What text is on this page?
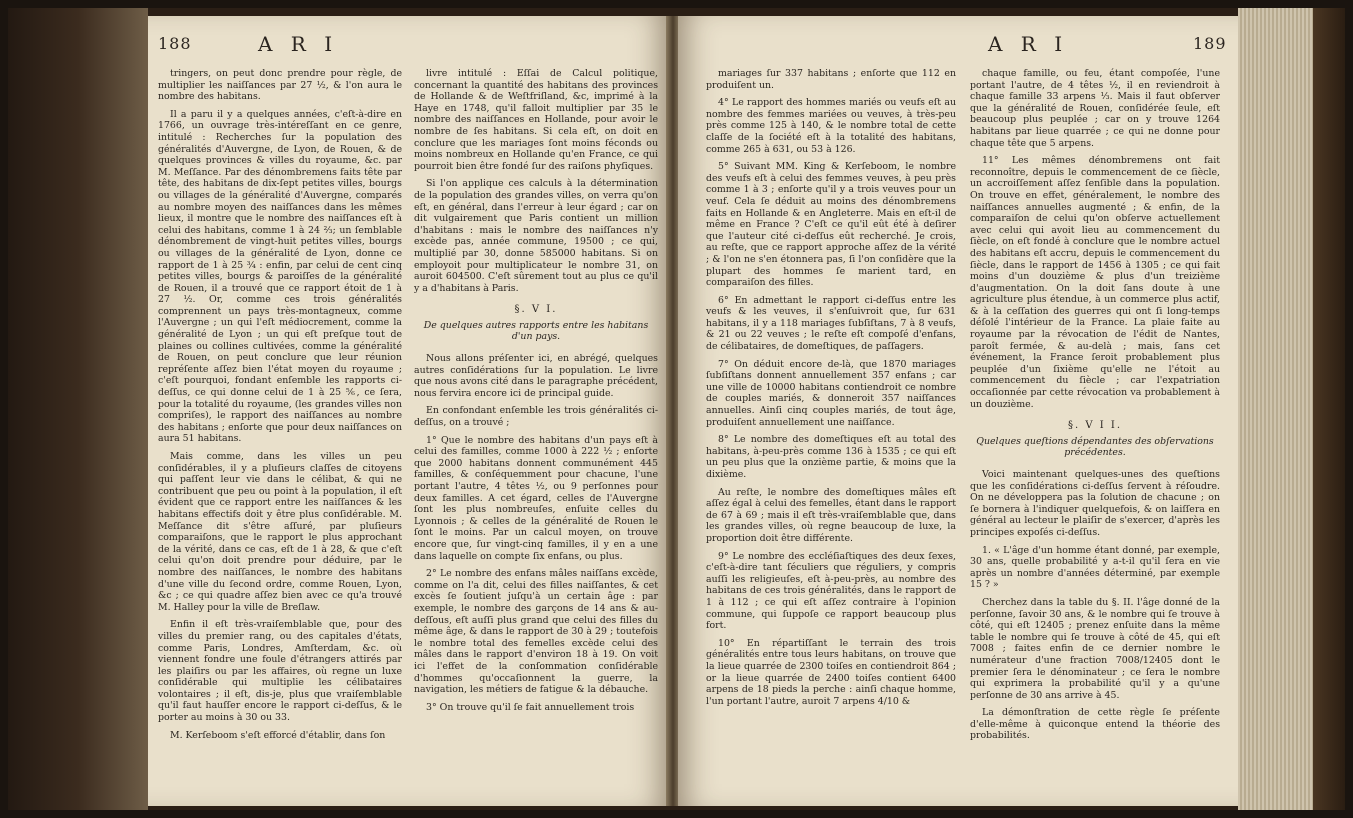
188	A R I

tringers, on peut donc prendre pour règle, de multiplier les naiſſances par 27 ½, & l'on aura le nombre des habitans.

Il a paru il y a quelques années, c'eſt-à-dire en 1766, un ouvrage très-intéreſſant en ce genre, intitulé : Recherches ſur la population des généralités d'Auvergne, de Lyon, de Rouen, & de quelques provinces & villes du royaume, &c. par M. Meſſance. Par des dénombremens faits tête par tête, des habitans de dix-ſept petites villes, bourgs ou villages de la généralité d'Auvergne, comparés au nombre moyen des naiſſances dans les mêmes lieux, il montre que le nombre des naiſſances eſt à celui des habitans, comme 1 à 24 ⅔; un ſemblable dénombrement de vingt-huit petites villes, bourgs ou villages de la généralité de Lyon, donne ce rapport de 1 à 25 ¾ : enfin, par celui de cent cinq petites villes, bourgs & paroiſſes de la généralité de Rouen, il a trouvé que ce rapport étoit de 1 à 27 ½. Or, comme ces trois généralités comprennent un pays très-montagneux, comme l'Auvergne ; un qui l'eſt médiocrement, comme la généralité de Lyon ; un qui eſt preſque tout de plaines ou collines cultivées, comme la généralité de Rouen, on peut conclure que leur réunion repréſente aſſez bien l'état moyen du royaume ; c'eſt pourquoi, fondant enſemble les rapports ci-deſſus, ce qui donne celui de 1 à 25 ⅚, ce ſera, pour la totalité du royaume, (les grandes villes non compriſes), le rapport des naiſſances au nombre des habitans ; enſorte que pour deux naiſſances on aura 51 habitans.

Mais comme, dans les villes un peu conſidérables, il y a pluſieurs claſſes de citoyens qui paſſent leur vie dans le célibat, & qui ne contribuent que peu ou point à la population, il eſt évident que ce rapport entre les naiſſances & les habitans effectifs doit y être plus conſidérable. M. Meſſance dit s'être aſſuré, par pluſieurs comparaiſons, que le rapport le plus approchant de la vérité, dans ce cas, eſt de 1 à 28, & que c'eſt celui qu'on doit prendre pour déduire, par le nombre des naiſſances, le nombre des habitans d'une ville du ſecond ordre, comme Rouen, Lyon, &c ; ce qui quadre aſſez bien avec ce qu'a trouvé M. Halley pour la ville de Breſlaw.

Enfin il eſt très-vraiſemblable que, pour des villes du premier rang, ou des capitales d'états, comme Paris, Londres, Amſterdam, &c. où viennent fondre une foule d'étrangers attirés par les plaiſirs ou par les affaires, où regne un luxe conſidérable qui multiplie les célibataires volontaires ; il eſt, dis-je, plus que vraiſemblable qu'il faut hauſſer encore le rapport ci-deſſus, & le porter au moins à 30 ou 33.

M. Kerſeboom s'eſt efforcé d'établir, dans ſon

livre intitulé : Eſſai de Calcul politique, concernant la quantité des habitans des provinces de Hollande & de Weſtfriſland, &c, imprimé à la Haye en 1748, qu'il falloit multiplier par 35 le nombre des naiſſances en Hollande, pour avoir le nombre de ſes habitans. Si cela eſt, on doit en conclure que les mariages ſont moins féconds ou moins nombreux en Hollande qu'en France, ce qui pourroit bien être fondé ſur des raiſons phyſiques.

Si l'on applique ces calculs à la détermination de la population des grandes villes, on verra qu'on eſt, en général, dans l'erreur à leur égard ; car on dit vulgairement que Paris contient un million d'habitans : mais le nombre des naiſſances n'y excède pas, année commune, 19500 ; ce qui, multiplié par 30, donne 585000 habitans. Si on employoit pour multiplicateur le nombre 31, on auroit 604500. C'eſt sûrement tout au plus ce qu'il y a d'habitans à Paris.

§. V I.

De quelques autres rapports entre les habitans d'un pays.

Nous allons préſenter ici, en abrégé, quelques autres conſidérations ſur la population. Le livre que nous avons cité dans le paragraphe précédent, nous fervira encore ici de principal guide.

En confondant enſemble les trois généralités ci-deſſus, on a trouvé ;

1° Que le nombre des habitans d'un pays eſt à celui des familles, comme 1000 à 222 ½ ; enſorte que 2000 habitans donnent communément 445 familles, & conſéquemment pour chacune, l'une portant l'autre, 4 têtes ½, ou 9 perſonnes pour deux familles. A cet égard, celles de l'Auvergne ſont les plus nombreuſes, enſuite celles du Lyonnois ; & celles de la généralité de Rouen le ſont le moins. Par un calcul moyen, on trouve encore que, ſur vingt-cinq familles, il y en a une dans laquelle on compte ſix enfans, ou plus.

2° Le nombre des enfans mâles naiſſans excède, comme on l'a dit, celui des filles naiſſantes, & cet excès ſe ſoutient juſqu'à un certain âge : par exemple, le nombre des garçons de 14 ans & au-deſſous, eſt auſſi plus grand que celui des filles du même âge, & dans le rapport de 30 à 29 ; toutefois le nombre total des femelles excède celui des mâles dans le rapport d'environ 18 à 19. On voit ici l'effet de la conſommation conſidérable d'hommes qu'occaſionnent la guerre, la navigation, les métiers de fatigue & la débauche.

3° On trouve qu'il ſe fait annuellement trois

A R I	189

mariages ſur 337 habitans ; enſorte que 112 en produiſent un.

4° Le rapport des hommes mariés ou veufs eſt au nombre des femmes mariées ou veuves, à très-peu près comme 125 à 140, & le nombre total de cette claſſe de la ſociété eſt à la totalité des habitans, comme 265 à 631, ou 53 à 126.

5° Suivant MM. King & Kerſeboom, le nombre des veufs eſt à celui des femmes veuves, à peu près comme 1 à 3 ; enſorte qu'il y a trois veuves pour un veuf. Cela ſe déduit au moins des dénombremens faits en Hollande & en Angleterre. Mais en eſt-il de même en France ? C'eſt ce qu'il eût été à deſirer que l'auteur cité ci-deſſus eût recherché. Je crois, au reſte, que ce rapport approche aſſez de la vérité ; & l'on ne s'en étonnera pas, ſi l'on conſidère que la plupart des hommes ſe marient tard, en comparaiſon des filles.

6° En admettant le rapport ci-deſſus entre les veufs & les veuves, il s'enſuivroit que, ſur 631 habitans, il y a 118 mariages ſubſiſtans, 7 à 8 veufs, & 21 ou 22 veuves ; le reſte eſt compoſé d'enfans, de célibataires, de domeſtiques, de paſſagers.

7° On déduit encore de-là, que 1870 mariages ſubſiſtans donnent annuellement 357 enfans ; car une ville de 10000 habitans contiendroit ce nombre de couples mariés, & donneroit 357 naiſſances annuelles. Ainſi cinq couples mariés, de tout âge, produiſent annuellement une naiſſance.

8° Le nombre des domeſtiques eſt au total des habitans, à-peu-près comme 136 à 1535 ; ce qui eſt un peu plus que la onzième partie, & moins que la dixième.

Au reſte, le nombre des domeſtiques mâles eſt aſſez égal à celui des femelles, étant dans le rapport de 67 à 69 ; mais il eſt très-vraiſemblable que, dans les grandes villes, où regne beaucoup de luxe, la proportion doit être différente.

9° Le nombre des eccléſiaſtiques des deux ſexes, c'eſt-à-dire tant ſéculiers que réguliers, y compris auſſi les religieuſes, eſt à-peu-près, au nombre des habitans de ces trois généralités, dans le rapport de 1 à 112 ; ce qui eſt aſſez contraire à l'opinion commune, qui ſuppoſe ce rapport beaucoup plus fort.

10° En répartiſſant le terrain des trois généralités entre tous leurs habitans, on trouve que la lieue quarrée de 2300 toiſes en contiendroit 864 ; or la lieue quarrée de 2400 toiſes contient 6400 arpens de 18 pieds la perche : ainſi chaque homme, l'un portant l'autre, auroit 7 arpens 4/10 &

chaque famille, ou feu, étant compoſée, l'une portant l'autre, de 4 têtes ½, il en reviendroit à chaque famille 33 arpens ⅓. Mais il faut obſerver que la généralité de Rouen, conſidérée ſeule, eſt beaucoup plus peuplée ; car on y trouve 1264 habitans par lieue quarrée ; ce qui ne donne pour chaque tête que 5 arpens.

11° Les mêmes dénombremens ont fait reconnoître, depuis le commencement de ce ſiècle, un accroiſſement aſſez ſenſible dans la population. On trouve en effet, généralement, le nombre des naiſſances annuelles augmenté ; & enfin, de la comparaiſon de celui qu'on obſerve actuellement avec celui qui avoit lieu au commencement du ſiècle, on eſt fondé à conclure que le nombre actuel des habitans eſt accru, depuis le commencement du ſiècle, dans le rapport de 1456 à 1305 ; ce qui fait moins d'un douzième & plus d'un treizième d'augmentation. On la doit ſans doute à une agriculture plus étendue, à un commerce plus actif, & à la ceſſation des guerres qui ont ſi long-temps déſolé l'intérieur de la France. La plaie faite au royaume par la révocation de l'édit de Nantes, paroît fermée, & au-delà ; mais, ſans cet événement, la France ſeroit probablement plus peuplée d'un ſixième qu'elle ne l'étoit au commencement du ſiècle ; car l'expatriation occaſionnée par cette révocation va probablement à un douzième.

§. V I I.

Quelques queſtions dépendantes des obſervations précédentes.

Voici maintenant quelques-unes des queſtions que les conſidérations ci-deſſus ſervent à réſoudre. On ne développera pas la ſolution de chacune ; on ſe bornera à l'indiquer quelquefois, & on laiſſera en général au lecteur le plaiſir de s'exercer, d'après les principes expoſés ci-deſſus.

1. « L'âge d'un homme étant donné, par exemple, 30 ans, quelle probabilité y a-t-il qu'il ſera en vie après un nombre d'années déterminé, par exemple 15 ? »

Cherchez dans la table du §. II. l'âge donné de la perſonne, ſavoir 30 ans, & le nombre qui ſe trouve à côté, qui eſt 12405 ; prenez enſuite dans la même table le nombre qui ſe trouve à côté de 45, qui eſt 7008 ; faites enfin de ce dernier nombre le numérateur d'une fraction 7008/12405 dont le premier ſera le dénominateur ; ce ſera le nombre qui exprimera la probabilité qu'il y a qu'une perſonne de 30 ans arrive à 45.

La démonſtration de cette règle ſe préſente d'elle-même à quiconque entend la théorie des probabilités.
